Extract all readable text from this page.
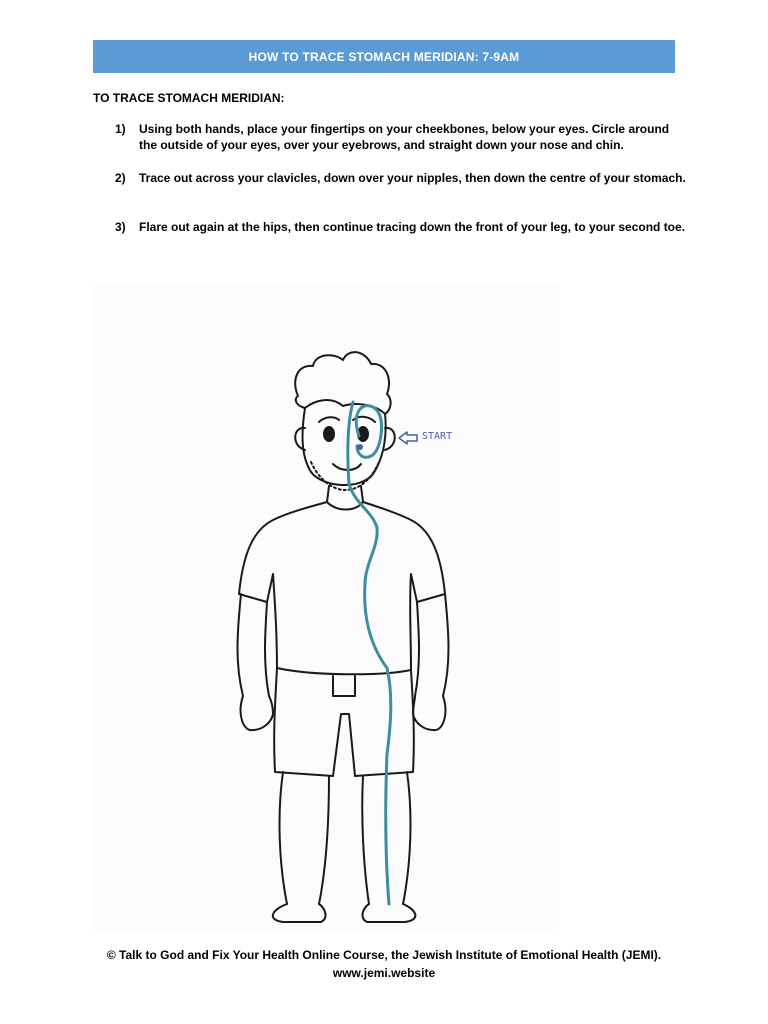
HOW TO TRACE STOMACH MERIDIAN: 7-9AM
TO TRACE STOMACH MERIDIAN:
1)	Using both hands, place your fingertips on your cheekbones, below your eyes. Circle around the outside of your eyes, over your eyebrows, and straight down your nose and chin.
2)	Trace out across your clavicles, down over your nipples, then down the centre of your stomach.
3)	Flare out again at the hips, then continue tracing down the front of your leg, to your second toe.
START
© Talk to God and Fix Your Health Online Course, the Jewish Institute of Emotional Health (JEMI).
www.jemi.website
